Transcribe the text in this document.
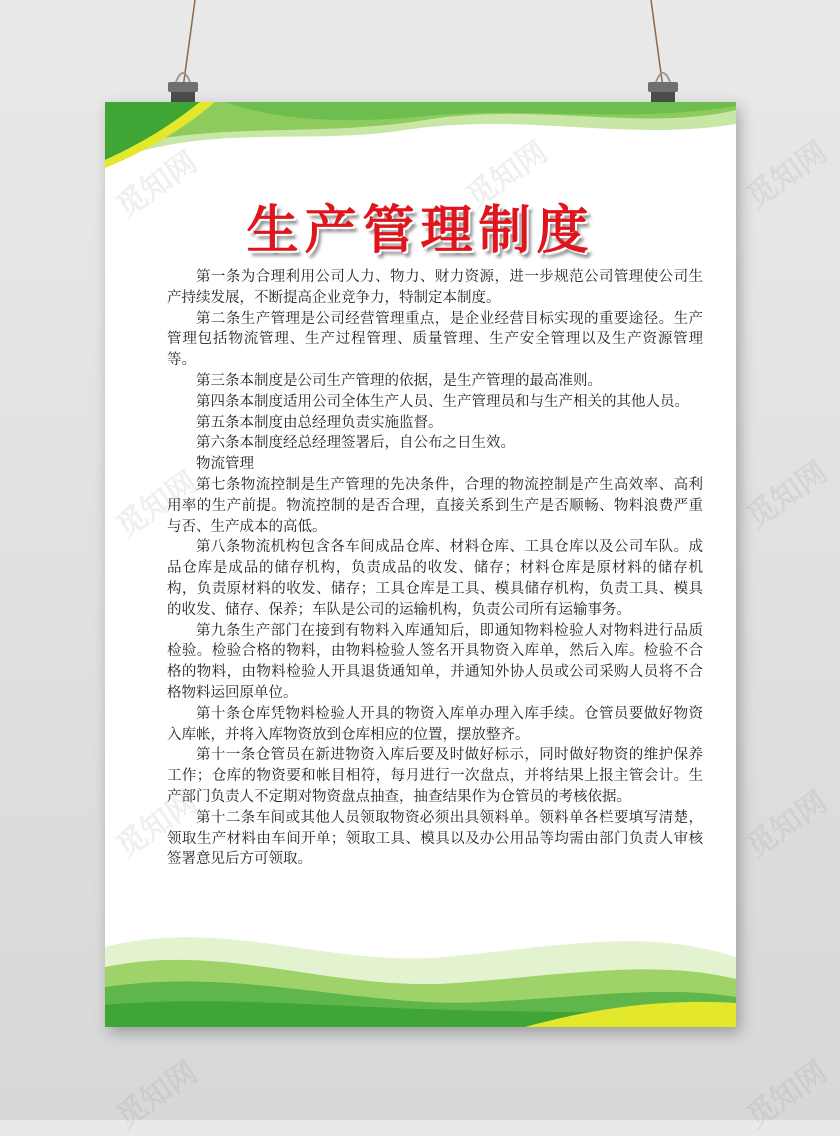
生产管理制度

第一条为合理利用公司人力、物力、财力资源，进一步规范公司管理使公司生产持续发展，不断提高企业竞争力，特制定本制度。

第二条生产管理是公司经营管理重点，是企业经营目标实现的重要途径。生产管理包括物流管理、生产过程管理、质量管理、生产安全管理以及生产资源管理等。

第三条本制度是公司生产管理的依据，是生产管理的最高准则。

第四条本制度适用公司全体生产人员、生产管理员和与生产相关的其他人员。

第五条本制度由总经理负责实施监督。

第六条本制度经总经理签署后，自公布之日生效。

物流管理

第七条物流控制是生产管理的先决条件，合理的物流控制是产生高效率、高利用率的生产前提。物流控制的是否合理，直接关系到生产是否顺畅、物料浪费严重与否、生产成本的高低。

第八条物流机构包含各车间成品仓库、材料仓库、工具仓库以及公司车队。成品仓库是成品的储存机构，负责成品的收发、储存；材料仓库是原材料的储存机构，负责原材料的收发、储存；工具仓库是工具、模具储存机构，负责工具、模具的收发、储存、保养；车队是公司的运输机构，负责公司所有运输事务。

第九条生产部门在接到有物料入库通知后，即通知物料检验人对物料进行品质检验。检验合格的物料，由物料检验人签名开具物资入库单，然后入库。检验不合格的物料，由物料检验人开具退货通知单，并通知外协人员或公司采购人员将不合格物料运回原单位。

第十条仓库凭物料检验人开具的物资入库单办理入库手续。仓管员要做好物资入库帐，并将入库物资放到仓库相应的位置，摆放整齐。

第十一条仓管员在新进物资入库后要及时做好标示，同时做好物资的维护保养工作；仓库的物资要和帐目相符，每月进行一次盘点，并将结果上报主管会计。生产部门负责人不定期对物资盘点抽查，抽查结果作为仓管员的考核依据。

第十二条车间或其他人员领取物资必须出具领料单。领料单各栏要填写清楚，领取生产材料由车间开单；领取工具、模具以及办公用品等均需由部门负责人审核签署意见后方可领取。

觅知网
觅知网
觅知网
觅知网	觅知网
